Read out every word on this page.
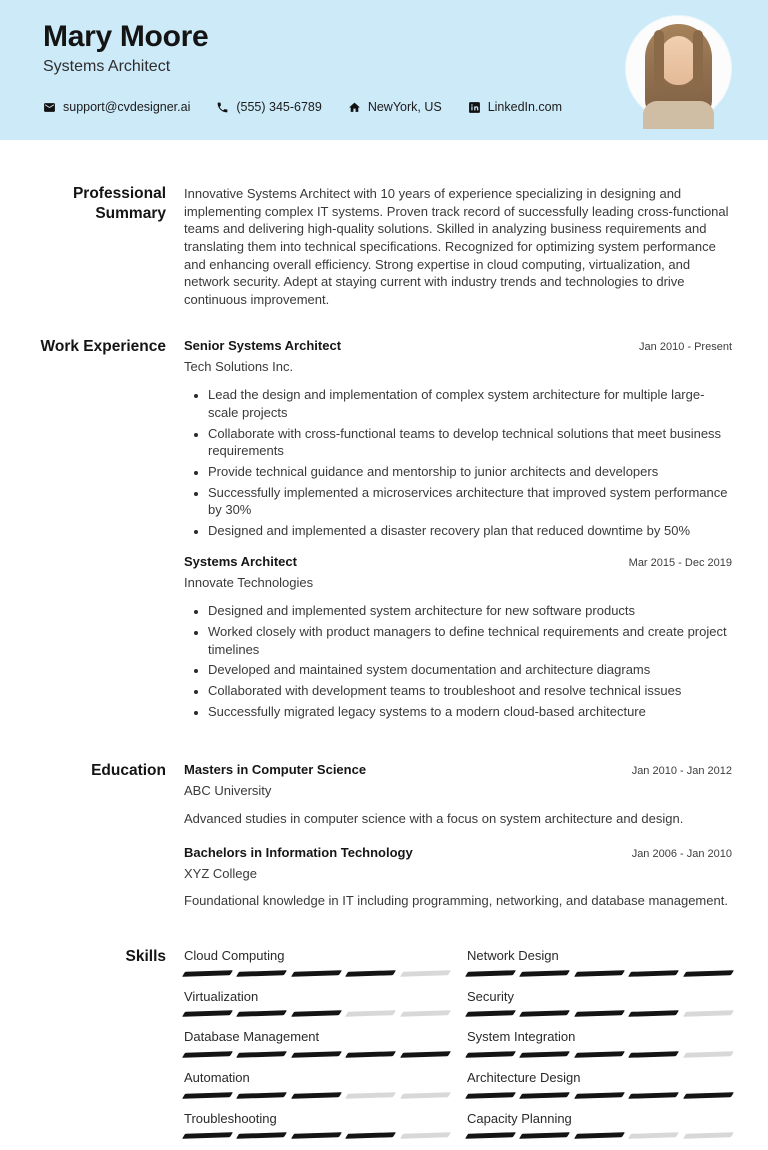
Mary Moore
Systems Architect
support@cvdesigner.ai	(555) 345-6789	NewYork, US	LinkedIn.com
Professional Summary

Innovative Systems Architect with 10 years of experience specializing in designing and implementing complex IT systems. Proven track record of successfully leading cross-functional teams and delivering high-quality solutions. Skilled in analyzing business requirements and translating them into technical specifications. Recognized for optimizing system performance and enhancing overall efficiency. Strong expertise in cloud computing, virtualization, and network security. Adept at staying current with industry trends and technologies to drive continuous improvement.

Work Experience Senior Systems Architect	Jan 2010 - Present
Tech Solutions Inc.
• Lead the design and implementation of complex system architecture for multiple large-scale projects
• Collaborate with cross-functional teams to develop technical solutions that meet business requirements
• Provide technical guidance and mentorship to junior architects and developers
• Successfully implemented a microservices architecture that improved system performance by 30%
• Designed and implemented a disaster recovery plan that reduced downtime by 50%
Systems Architect	Mar 2015 - Dec 2019
Innovate Technologies
• Designed and implemented system architecture for new software products
• Worked closely with product managers to define technical requirements and create project timelines
• Developed and maintained system documentation and architecture diagrams
• Collaborated with development teams to troubleshoot and resolve technical issues
• Successfully migrated legacy systems to a modern cloud-based architecture
Education Masters in Computer Science	Jan 2010 - Jan 2012
ABC University

Advanced studies in computer science with a focus on system architecture and design.

Bachelors in Information Technology	Jan 2006 - Jan 2010
XYZ College

Foundational knowledge in IT including programming, networking, and database management.

Skills Cloud Computing
Virtualization
Database Management
Automation
Troubleshooting
Network Design
Security
System Integration
Architecture Design
Capacity Planning
